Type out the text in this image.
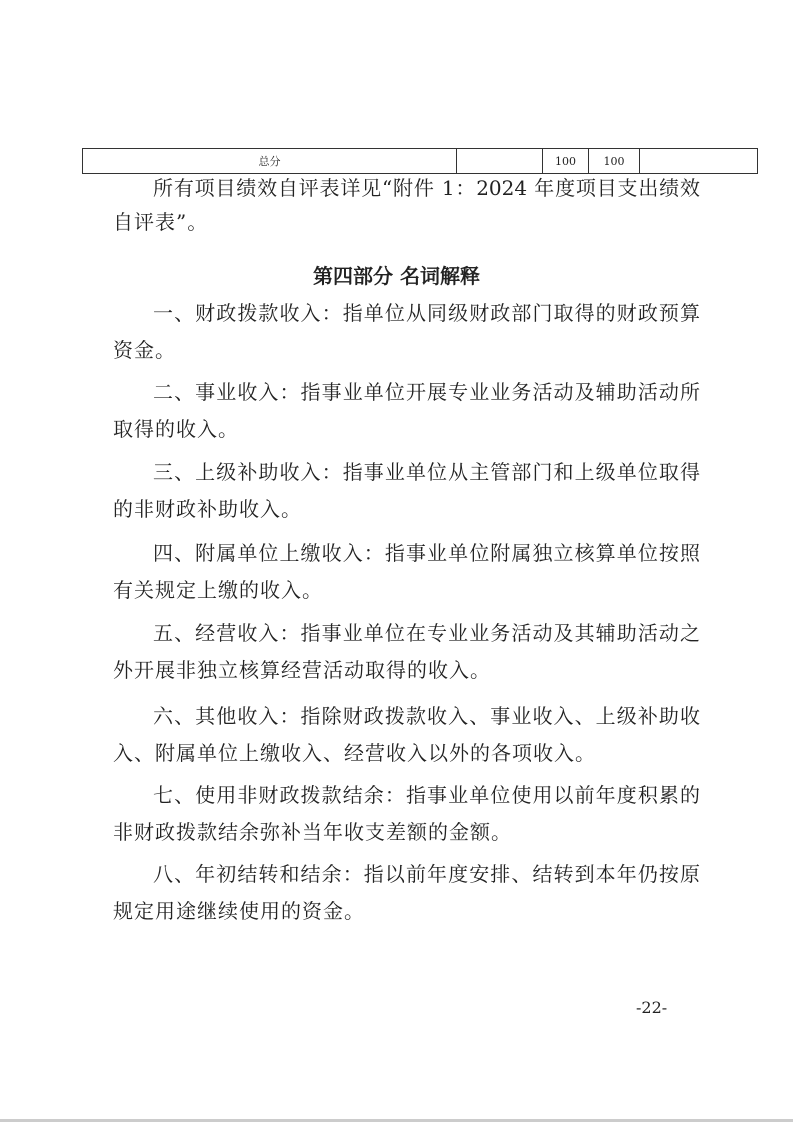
总分		100	100	
所有项目绩效自评表详见“附件 1：2024 年度项目支出绩效
自评表”。
第四部分 名词解释
一、财政拨款收入：指单位从同级财政部门取得的财政预算
资金。
二、事业收入：指事业单位开展专业业务活动及辅助活动所
取得的收入。
三、上级补助收入：指事业单位从主管部门和上级单位取得
的非财政补助收入。
四、附属单位上缴收入：指事业单位附属独立核算单位按照
有关规定上缴的收入。
五、经营收入：指事业单位在专业业务活动及其辅助活动之
外开展非独立核算经营活动取得的收入。
六、其他收入：指除财政拨款收入、事业收入、上级补助收
入、附属单位上缴收入、经营收入以外的各项收入。
七、使用非财政拨款结余：指事业单位使用以前年度积累的
非财政拨款结余弥补当年收支差额的金额。
八、年初结转和结余：指以前年度安排、结转到本年仍按原
规定用途继续使用的资金。
-22-
